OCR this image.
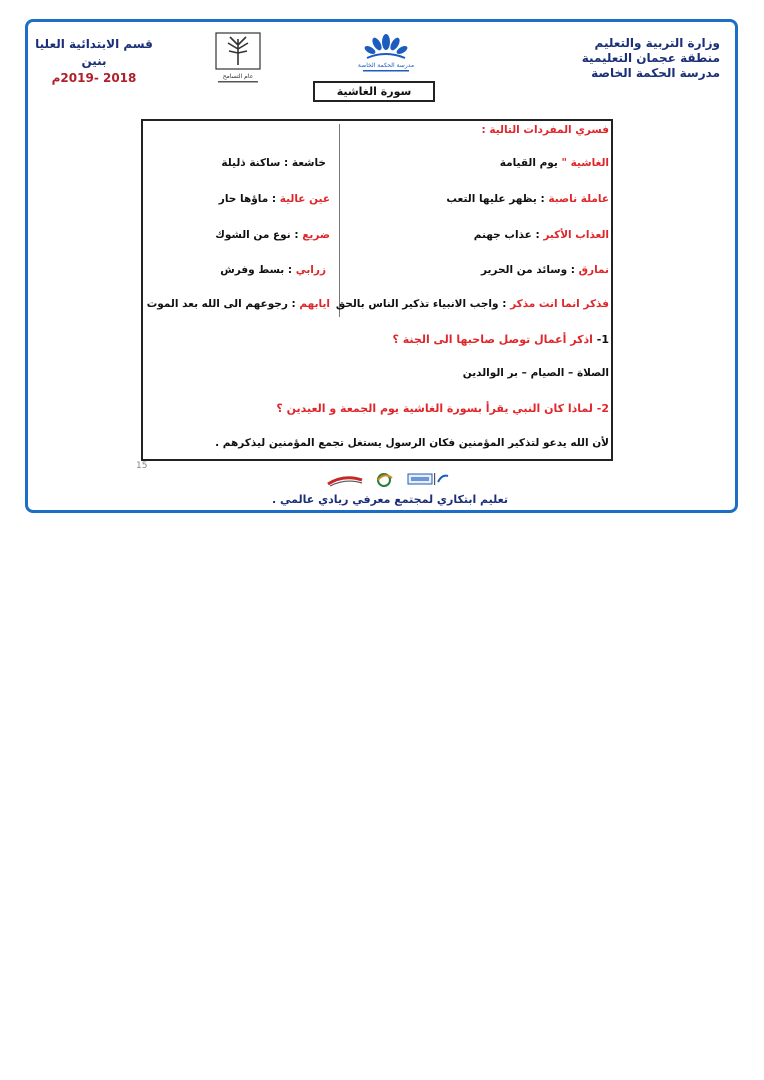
وزارة التربية والتعليم
منطقة عجمان التعليمية
مدرسة الحكمة الخاصة
قسم الابتدائية العليا بنين
2018 -2019م	عام التسامح
مدرسة الحكمة الخاصة
سورة الغاشية
فسري المفردات التالية :
الغاشية " يوم القيامة
عاملة ناصبة : يظهر عليها التعب
العذاب الأكبر : عذاب جهنم
نمارق : وسائد من الحرير
فذكر انما انت مذكر : واجب الانبياء تذكير الناس بالحق
خاشعة : ساكنة ذليلة
عين عالية : ماؤها حار
ضريع : نوع من الشوك
زرابي : بسط وفرش
ايابهم : رجوعهم الى الله بعد الموت
1- اذكر أعمال توصل صاحبها الى الجنة ؟
الصلاة – الصيام – بر الوالدين
2- لماذا كان النبي يقرأ بسورة الغاشية يوم الجمعة و العيدين ؟
لأن الله يدعو لتذكير المؤمنين فكان الرسول يستغل تجمع المؤمنين ليذكرهم .
15
تعليم ابتكاري لمجتمع معرفي ريادي عالمي .
